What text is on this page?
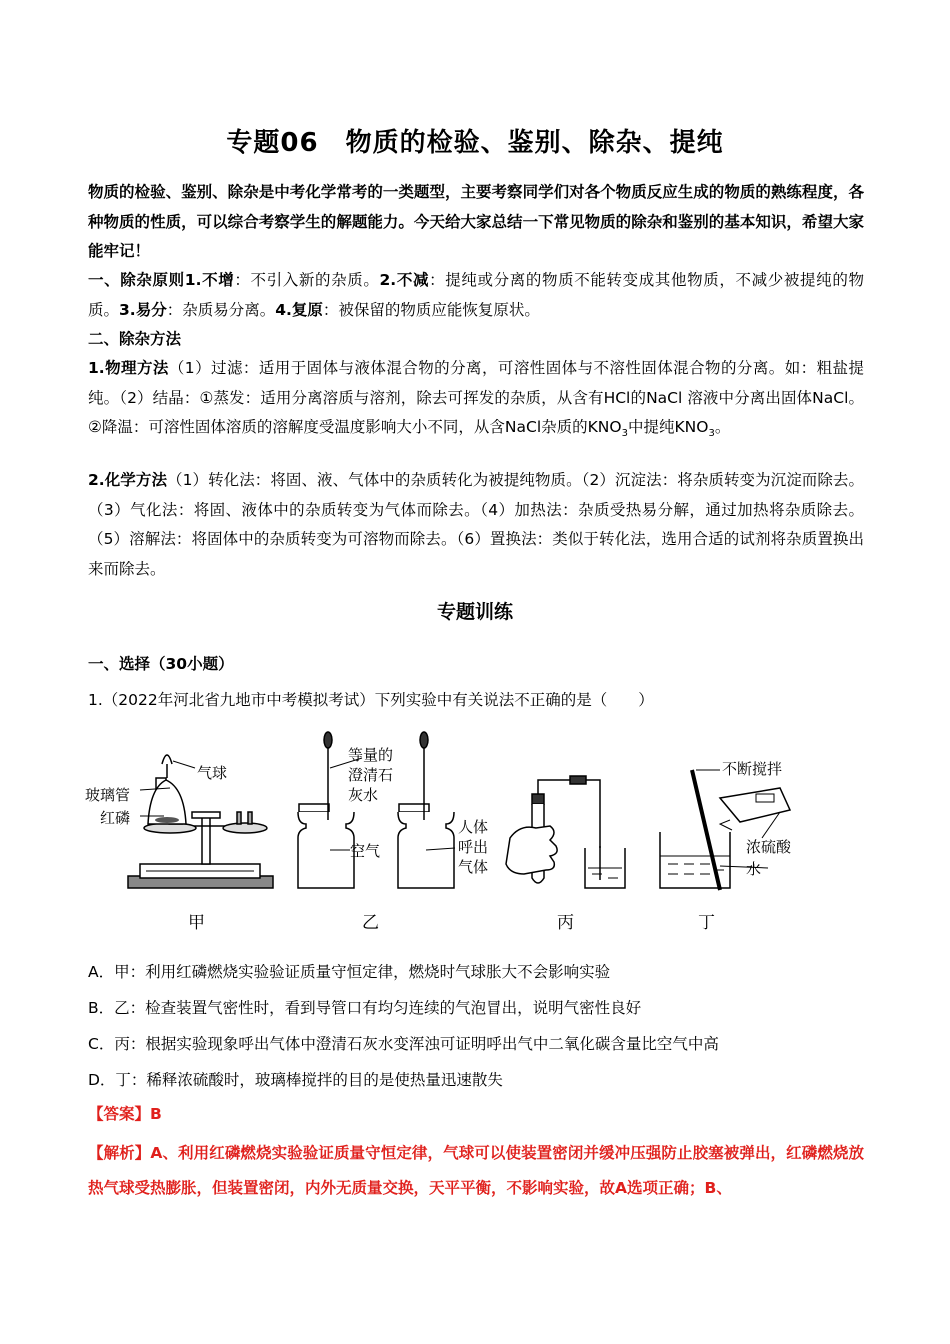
专题06　物质的检验、鉴别、除杂、提纯
物质的检验、鉴别、除杂是中考化学常考的一类题型，主要考察同学们对各个物质反应生成的物质的熟练程度，各种物质的性质，可以综合考察学生的解题能力。今天给大家总结一下常见物质的除杂和鉴别的基本知识，希望大家能牢记！
一、除杂原则1.不增：不引入新的杂质。2.不减：提纯或分离的物质不能转变成其他物质，不减少被提纯的物质。3.易分：杂质易分离。4.复原：被保留的物质应能恢复原状。
二、除杂方法
1.物理方法（1）过滤：适用于固体与液体混合物的分离，可溶性固体与不溶性固体混合物的分离。如：粗盐提纯。（2）结晶：①蒸发：适用分离溶质与溶剂，除去可挥发的杂质，从含有HCl的NaCl 溶液中分离出固体NaCl。②降温：可溶性固体溶质的溶解度受温度影响大小不同，从含NaCl杂质的$KNO_3$中提纯$KNO_3$。
2.化学方法（1）转化法：将固、液、气体中的杂质转化为被提纯物质。（2）沉淀法：将杂质转变为沉淀而除去。（3）气化法：将固、液体中的杂质转变为气体而除去。（4）加热法：杂质受热易分解，通过加热将杂质除去。（5）溶解法：将固体中的杂质转变为可溶物而除去。（6）置换法：类似于转化法，选用合适的试剂将杂质置换出来而除去。
专题训练
一、选择（30小题）
1.（2022年河北省九地市中考模拟考试）下列实验中有关说法不正确的是（　　）
气球
玻璃管
红磷
等量的
澄清石
灰水
空气
人体
呼出
气体
不断搅拌
浓硫酸
水
甲	乙	丙	丁
A．甲：利用红磷燃烧实验验证质量守恒定律，燃烧时气球胀大不会影响实验
B．乙：检查装置气密性时，看到导管口有均匀连续的气泡冒出，说明气密性良好
C．丙：根据实验现象呼出气体中澄清石灰水变浑浊可证明呼出气中二氧化碳含量比空气中高
D．丁：稀释浓硫酸时，玻璃棒搅拌的目的是使热量迅速散失
【答案】B
【解析】A、利用红磷燃烧实验验证质量守恒定律，气球可以使装置密闭并缓冲压强防止胶塞被弹出，红磷燃烧放热气球受热膨胀，但装置密闭，内外无质量交换，天平平衡，不影响实验，故A选项正确；B、
